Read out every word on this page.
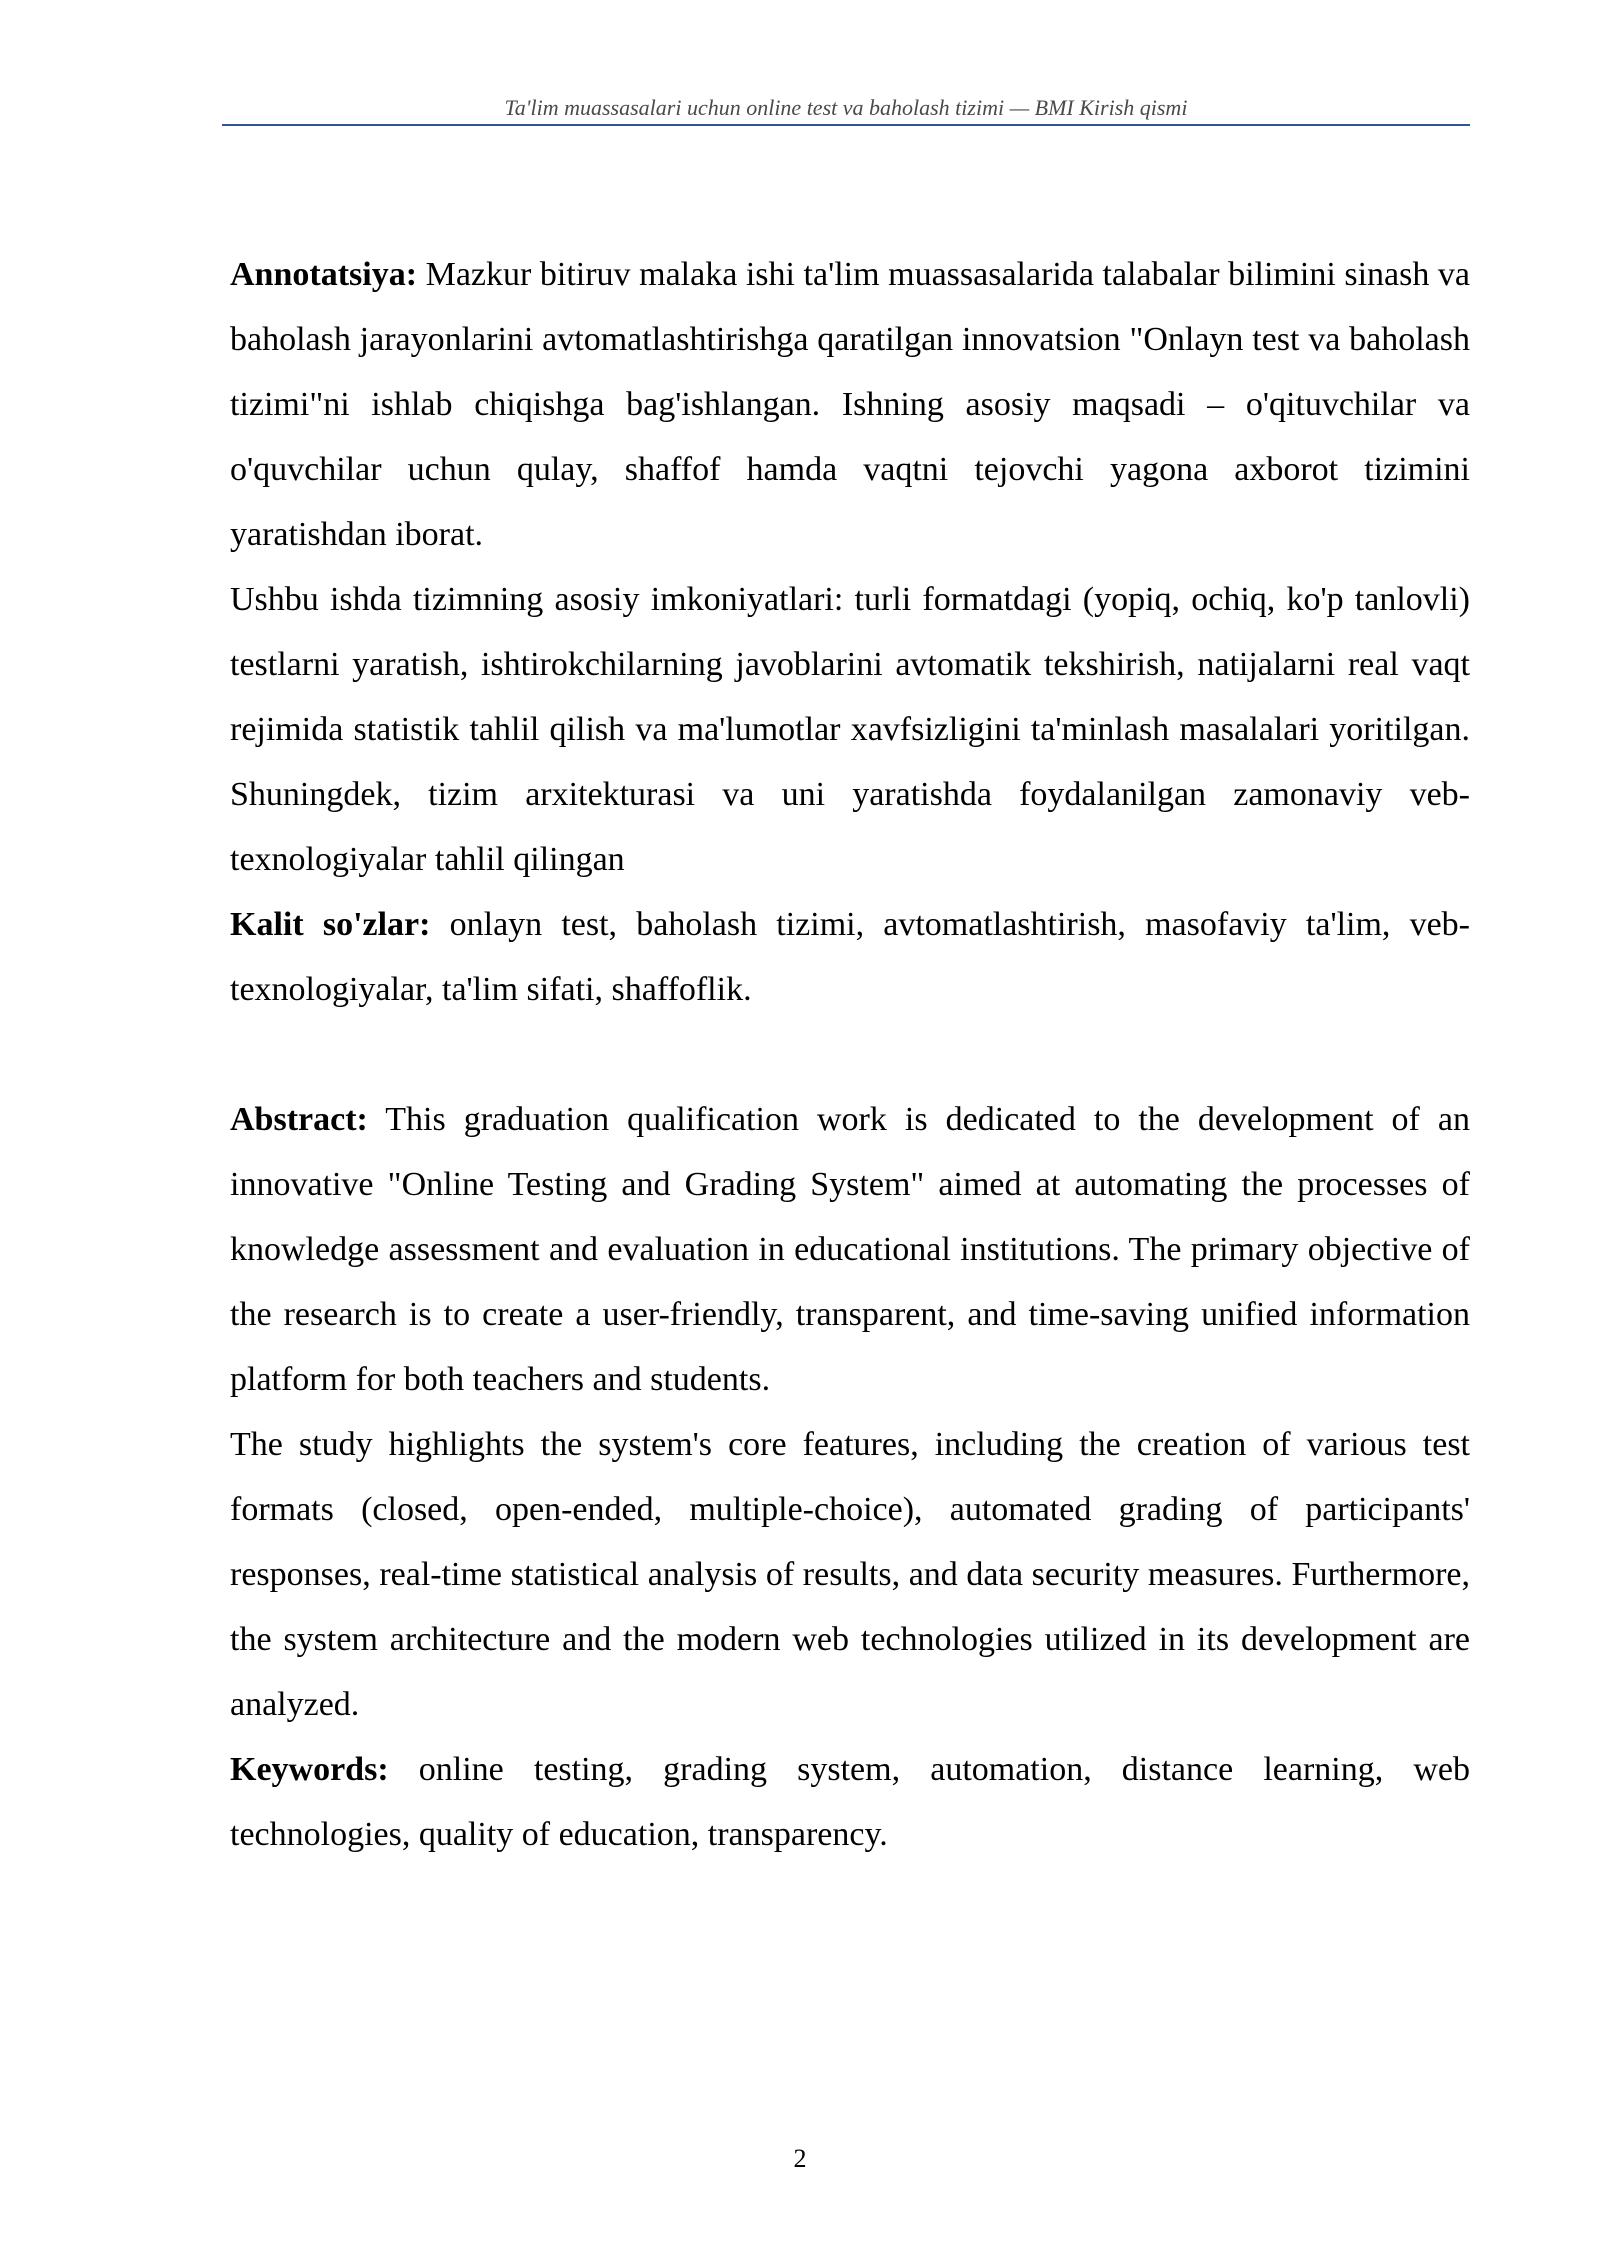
Ta'lim muassasalari uchun online test va baholash tizimi — BMI Kirish qismi

Annotatsiya: Mazkur bitiruv malaka ishi ta'lim muassasalarida talabalar bilimini sinash va baholash jarayonlarini avtomatlashtirishga qaratilgan innovatsion "Onlayn test va baholash tizimi"ni ishlab chiqishga bag'ishlangan. Ishning asosiy maqsadi – o'qituvchilar va o'quvchilar uchun qulay, shaffof hamda vaqtni tejovchi yagona axborot tizimini yaratishdan iborat.

Ushbu ishda tizimning asosiy imkoniyatlari: turli formatdagi (yopiq, ochiq, ko'p tanlovli) testlarni yaratish, ishtirokchilarning javoblarini avtomatik tekshirish, natijalarni real vaqt rejimida statistik tahlil qilish va ma'lumotlar xavfsizligini ta'minlash masalalari yoritilgan. Shuningdek, tizim arxitekturasi va uni yaratishda foydalanilgan zamonaviy veb-texnologiyalar tahlil qilingan

Kalit so'zlar: onlayn test, baholash tizimi, avtomatlashtirish, masofaviy ta'lim, veb-texnologiyalar, ta'lim sifati, shaffoflik.

Abstract: This graduation qualification work is dedicated to the development of an innovative "Online Testing and Grading System" aimed at automating the processes of knowledge assessment and evaluation in educational institutions. The primary objective of the research is to create a user-friendly, transparent, and time-saving unified information platform for both teachers and students.

The study highlights the system's core features, including the creation of various test formats (closed, open-ended, multiple-choice), automated grading of participants' responses, real-time statistical analysis of results, and data security measures. Furthermore, the system architecture and the modern web technologies utilized in its development are analyzed.

Keywords: online testing, grading system, automation, distance learning, web technologies, quality of education, transparency.

2
